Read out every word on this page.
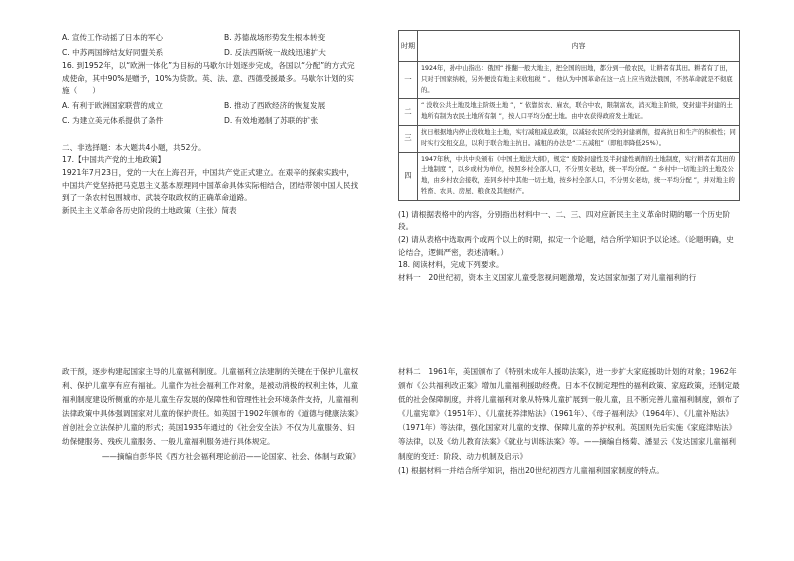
A. 宣传工作动摇了日本的军心	B. 苏德战场形势发生根本转变
C. 中苏两国缔结友好同盟关系	D. 反法西斯统一战线迅速扩大

16. 到1952年，以“欧洲一体化”为目标的马歇尔计划逐步完成，各国以“分配”的方式完成使命，其中90%是赠予，10%为贷款。英、法、意、西德受援最多。马歇尔计划的实施（　　）

A. 有利于欧洲国家联营的成立	B. 推动了西欧经济的恢复发展
C. 为建立美元体系提供了条件	D. 有效地遏制了苏联的扩张

二、非选择题：本大题共4小题，共52分。

17.【中国共产党的土地政策】

1921年7月23日，党的一大在上海召开，中国共产党正式建立。在艰辛的探索实践中，中国共产党坚持把马克思主义基本原理同中国革命具体实际相结合，团结带领中国人民找到了一条农村包围城市、武装夺取政权的正确革命道路。

新民主主义革命各历史阶段的土地政策（主张）简表

时期	内容
一	1924年，孙中山指出：俄国“ 推翻一般大地主，把全国的田地，都分到一般农民，让耕者有其田。耕者有了田，只对于国家纳税，另外便没有地主来收租税 ” 。 他认为中国革命在这一点上应当效法俄国，不然革命就是不彻底的。
二	“ 没收公共土地及地主阶级土地 ”，“ 依靠贫农、雇农，联合中农，限制富农，消灭地主阶级，变封建半封建的土地所有制为农民土地所有制 ”，按人口平均分配土地。由中农获得政府发土地证。
三	抗日根据地内停止没收地主土地，实行减租减息政策，以减轻农民所受的封建剥削，提高抗日和生产的积极性；同时实行交租交息，以利于联合地主抗日。减租的办法是“二五减租”（即租率降低25%）。
四	1947年秋，中共中央颁布《中国土地法大纲》，规定“ 废除封建性及半封建性剥削的土地制度，实行耕者有其田的土地制度 ”，以乡或村为单位，按照乡村全部人口，不分男女老幼，统一平均分配。“ 乡村中一切地主的土地及公地，由乡村农会接收，连同乡村中其他一切土地，按乡村全部人口，不分男女老幼，统一平均分配 ”，并对地主的牲畜、农具、房屋、粮食及其他财产。

(1) 请根据表格中的内容，分别指出材料中一、二、三、四对应新民主主义革命时期的哪一个历史阶段。

(2) 请从表格中选取两个或两个以上的时期，拟定一个论题，结合所学知识予以论述。（论题明确，史论结合，逻辑严密，表述清晰。）

18. 阅读材料，完成下列要求。

材料一　20世纪初，资本主义国家儿童受忽视问题激增，发达国家加强了对儿童福利的行

政干预，逐步构建起国家主导的儿童福利制度。儿童福利立法建制的关键在于保护儿童权利、保护儿童享有应有福祉。儿童作为社会福利工作对象，是被动消极的权利主体，儿童福利制度建设所侧重的亦是儿童生存发展的保障性和管理性社会环境条件支持，儿童福利法律政策中具体强调国家对儿童的保护责任。如英国于1902年颁布的《道德与健康法案》首创社会立法保护儿童的形式；英国1935年通过的《社会安全法》不仅为儿童服务、妇幼保健服务、残疾儿童服务、一般儿童福利服务进行具体规定。

——摘编自彭华民《西方社会福利理论前沿——论国家、社会、体制与政策》

材料二　1961年，美国颁布了《特别未成年人援助法案》，进一步扩大家庭援助计划的对象；1962年颁布《公共福利改正案》增加儿童福利援助经费。日本不仅制定理性的福利政策、家庭政策，还制定最低的社会保障制度，并将儿童福利对象从特殊儿童扩展到一般儿童，且不断完善儿童福利制度，颁布了《儿童宪章》（1951年）、《儿童抚养津贴法》（1961年）、《母子福利法》（1964年）、《儿童补贴法》（1971年）等法律，强化国家对儿童的支撑、保障儿童的养护权利。英国则先后实施《家庭津贴法》等法律，以及《幼儿教育法案》《就业与训练法案》等。——摘编自杨菊、潘显云《发达国家儿童福利制度的变迁：阶段、动力机制及启示》

(1) 根据材料一并结合所学知识，指出20世纪初西方儿童福利国家制度的特点。
